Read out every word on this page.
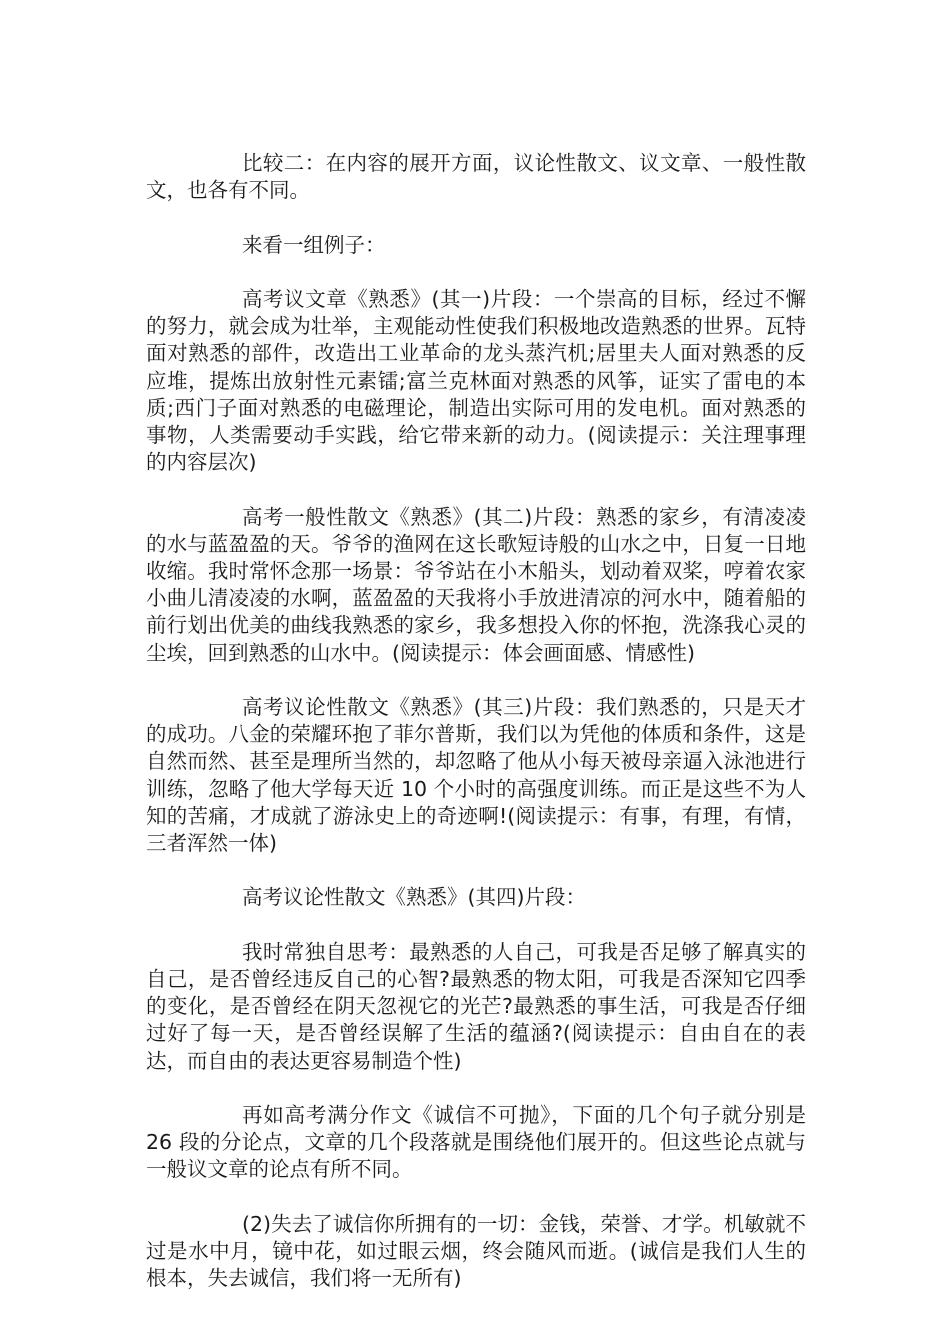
比较二：在内容的展开方面，议论性散文、议文章、一般性散文，也各有不同。

来看一组例子：

高考议文章《熟悉》(其一)片段：一个崇高的目标，经过不懈的努力，就会成为壮举，主观能动性使我们积极地改造熟悉的世界。瓦特面对熟悉的部件，改造出工业革命的龙头蒸汽机;居里夫人面对熟悉的反应堆，提炼出放射性元素镭;富兰克林面对熟悉的风筝，证实了雷电的本质;西门子面对熟悉的电磁理论，制造出实际可用的发电机。面对熟悉的事物，人类需要动手实践，给它带来新的动力。(阅读提示：关注理事理的内容层次)

高考一般性散文《熟悉》(其二)片段：熟悉的家乡，有清凌凌的水与蓝盈盈的天。爷爷的渔网在这长歌短诗般的山水之中，日复一日地收缩。我时常怀念那一场景：爷爷站在小木船头，划动着双桨，哼着农家小曲儿清凌凌的水啊，蓝盈盈的天我将小手放进清凉的河水中，随着船的前行划出优美的曲线我熟悉的家乡，我多想投入你的怀抱，洗涤我心灵的尘埃，回到熟悉的山水中。(阅读提示：体会画面感、情感性)

高考议论性散文《熟悉》(其三)片段：我们熟悉的，只是天才的成功。八金的荣耀环抱了菲尔普斯，我们以为凭他的体质和条件，这是自然而然、甚至是理所当然的，却忽略了他从小每天被母亲逼入泳池进行训练，忽略了他大学每天近 10 个小时的高强度训练。而正是这些不为人知的苦痛，才成就了游泳史上的奇迹啊!(阅读提示：有事，有理，有情，三者浑然一体)

高考议论性散文《熟悉》(其四)片段：

我时常独自思考：最熟悉的人自己，可我是否足够了解真实的自己，是否曾经违反自己的心智?最熟悉的物太阳，可我是否深知它四季的变化，是否曾经在阴天忽视它的光芒?最熟悉的事生活，可我是否仔细过好了每一天，是否曾经误解了生活的蕴涵?(阅读提示：自由自在的表达，而自由的表达更容易制造个性)

再如高考满分作文《诚信不可抛》，下面的几个句子就分别是 26 段的分论点，文章的几个段落就是围绕他们展开的。但这些论点就与一般议文章的论点有所不同。

(2)失去了诚信你所拥有的一切：金钱，荣誉、才学。机敏就不过是水中月，镜中花，如过眼云烟，终会随风而逝。(诚信是我们人生的根本，失去诚信，我们将一无所有)
